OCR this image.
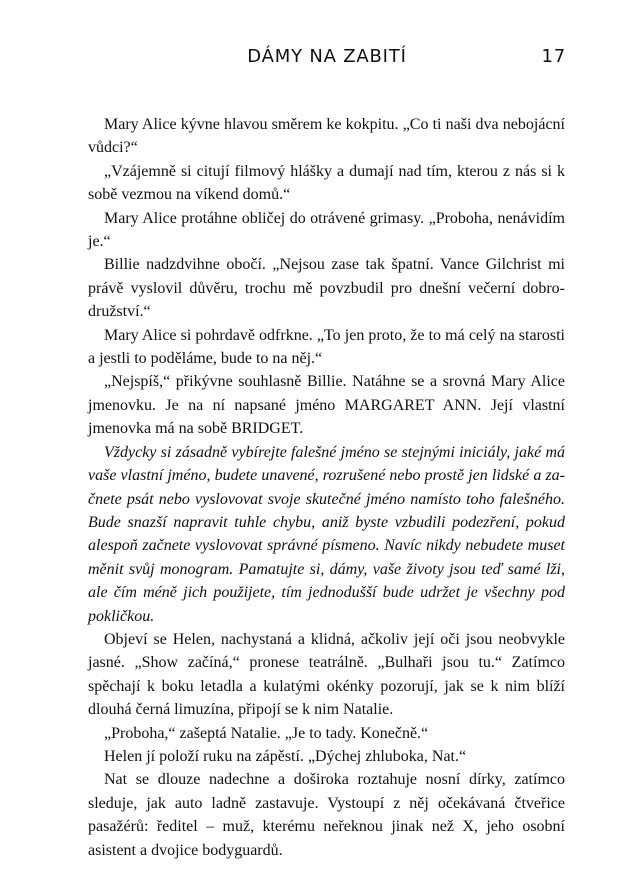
DÁMY NA ZABITÍ	17

Mary Alice kývne hlavou směrem ke kokpitu. „Co ti naši dva nebojácní vůdci?“

„Vzájemně si citují filmový hlášky a dumají nad tím, kterou z nás si k sobě vezmou na víkend domů.“

Mary Alice protáhne obličej do otrávené grimasy. „Proboha, nenávidím je.“

Billie nadzdvihne obočí. „Nejsou zase tak špatní. Vance Gilchrist mi právě vyslovil důvěru, trochu mě povzbudil pro dnešní večerní dobrodružství.“

Mary Alice si pohrdavě odfrkne. „To jen proto, že to má celý na starosti a jestli to poděláme, bude to na něj.“

„Nejspíš,“ přikývne souhlasně Billie. Natáhne se a srovná Mary Alice jmenovku. Je na ní napsané jméno MARGARET ANN. Její vlastní jmenovka má na sobě BRIDGET.

Vždycky si zásadně vybírejte falešné jméno se stejnými iniciály, jaké má vaše vlastní jméno, budete unavené, rozrušené nebo prostě jen lidské a začnete psát nebo vyslovovat svoje skutečné jméno namísto toho falešného. Bude snazší napravit tuhle chybu, aniž byste vzbudili podezření, pokud alespoň začnete vyslovovat správné písmeno. Navíc nikdy nebudete muset měnit svůj monogram. Pamatujte si, dámy, vaše životy jsou teď samé lži, ale čím méně jich použijete, tím jednodušší bude udržet je všechny pod pokličkou.

Objeví se Helen, nachystaná a klidná, ačkoliv její oči jsou neobvykle jasné. „Show začíná,“ pronese teatrálně. „Bulhaři jsou tu.“ Zatímco spěchají k boku letadla a kulatými okénky pozorují, jak se k nim blíží dlouhá černá limuzína, připojí se k nim Natalie.

„Proboha,“ zašeptá Natalie. „Je to tady. Konečně.“

Helen jí položí ruku na zápěstí. „Dýchej zhluboka, Nat.“

Nat se dlouze nadechne a doširoka roztahuje nosní dírky, zatímco sleduje, jak auto ladně zastavuje. Vystoupí z něj očekávaná čtveřice pasažérů: ředitel – muž, kterému neřeknou jinak než X, jeho osobní asistent a dvojice bodyguardů.
